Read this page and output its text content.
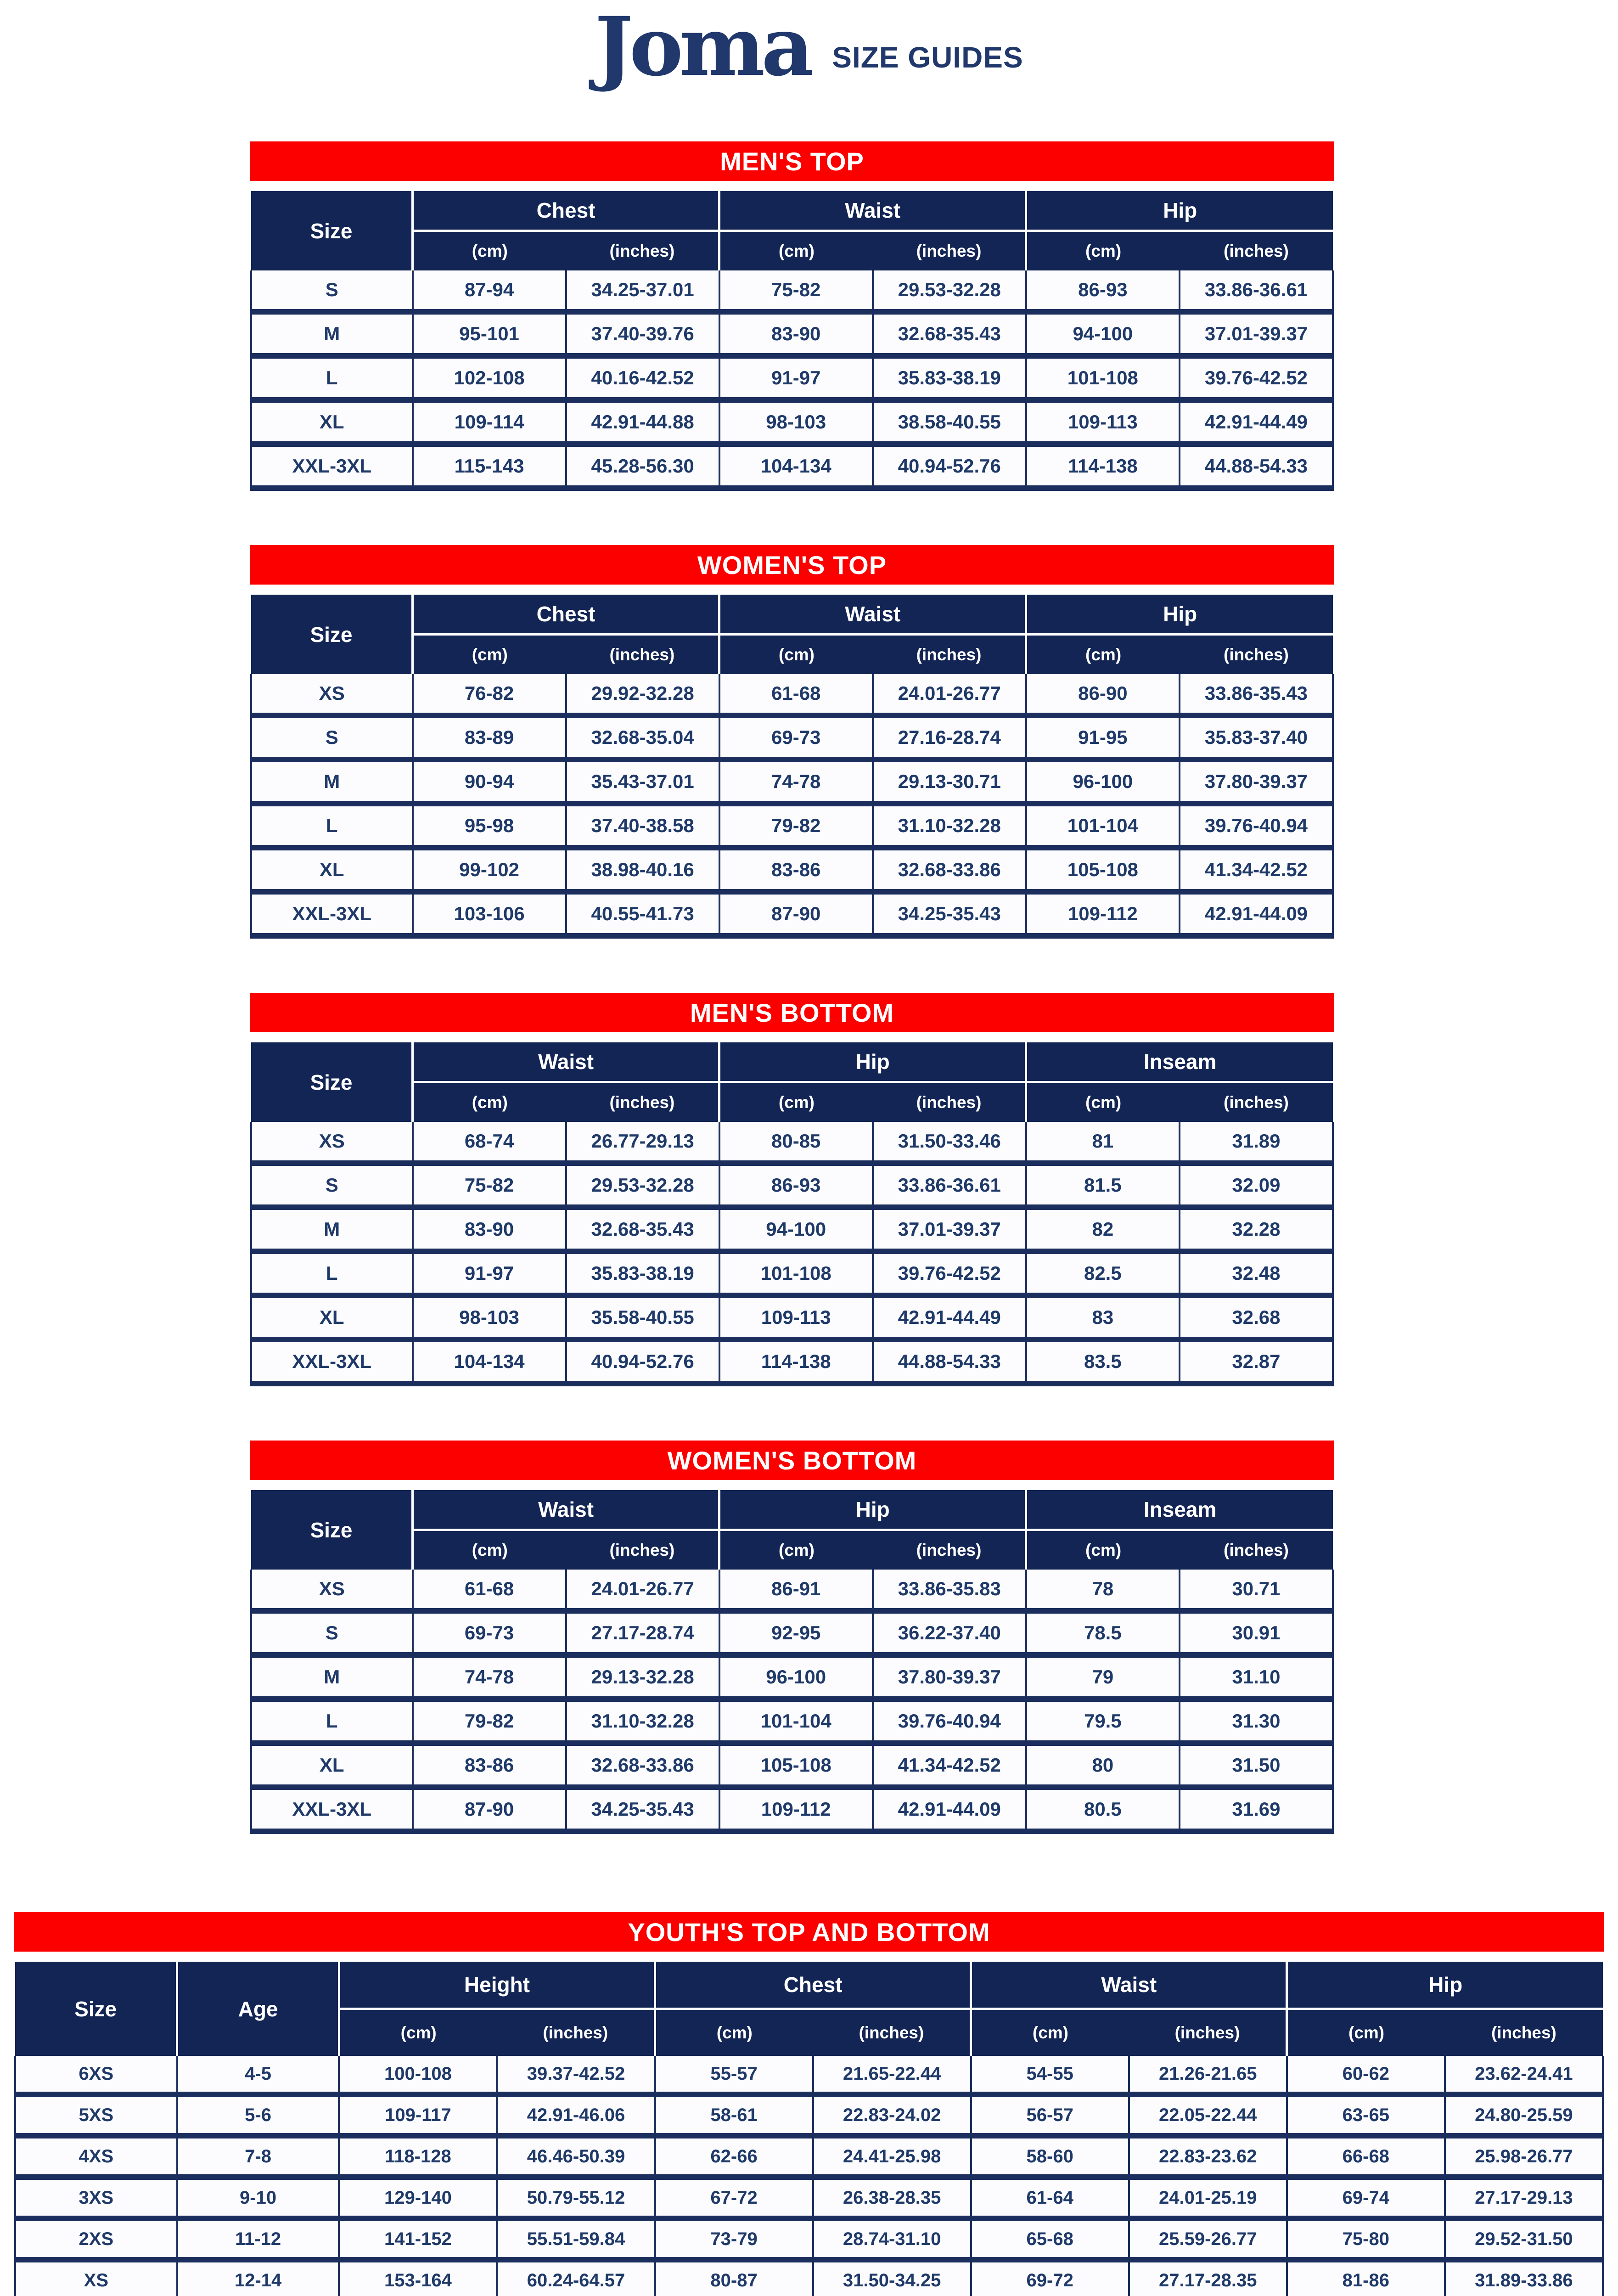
Joma SIZE GUIDES
MEN'S TOP
Size	Chest		Waist		Hip	
	(cm)	(inches)	(cm)	(inches)	(cm)	(inches)
S	87-94	34.25-37.01	75-82	29.53-32.28	86-93	33.86-36.61
M	95-101	37.40-39.76	83-90	32.68-35.43	94-100	37.01-39.37
L	102-108	40.16-42.52	91-97	35.83-38.19	101-108	39.76-42.52
XL	109-114	42.91-44.88	98-103	38.58-40.55	109-113	42.91-44.49
XXL-3XL	115-143	45.28-56.30	104-134	40.94-52.76	114-138	44.88-54.33
WOMEN'S TOP
Size	Chest		Waist		Hip	
	(cm)	(inches)	(cm)	(inches)	(cm)	(inches)
XS	76-82	29.92-32.28	61-68	24.01-26.77	86-90	33.86-35.43
S	83-89	32.68-35.04	69-73	27.16-28.74	91-95	35.83-37.40
M	90-94	35.43-37.01	74-78	29.13-30.71	96-100	37.80-39.37
L	95-98	37.40-38.58	79-82	31.10-32.28	101-104	39.76-40.94
XL	99-102	38.98-40.16	83-86	32.68-33.86	105-108	41.34-42.52
XXL-3XL	103-106	40.55-41.73	87-90	34.25-35.43	109-112	42.91-44.09
MEN'S BOTTOM
Size	Waist		Hip		Inseam	
	(cm)	(inches)	(cm)	(inches)	(cm)	(inches)
XS	68-74	26.77-29.13	80-85	31.50-33.46	81	31.89
S	75-82	29.53-32.28	86-93	33.86-36.61	81.5	32.09
M	83-90	32.68-35.43	94-100	37.01-39.37	82	32.28
L	91-97	35.83-38.19	101-108	39.76-42.52	82.5	32.48
XL	98-103	35.58-40.55	109-113	42.91-44.49	83	32.68
XXL-3XL	104-134	40.94-52.76	114-138	44.88-54.33	83.5	32.87
WOMEN'S BOTTOM
Size	Waist		Hip		Inseam	
	(cm)	(inches)	(cm)	(inches)	(cm)	(inches)
XS	61-68	24.01-26.77	86-91	33.86-35.83	78	30.71
S	69-73	27.17-28.74	92-95	36.22-37.40	78.5	30.91
M	74-78	29.13-32.28	96-100	37.80-39.37	79	31.10
L	79-82	31.10-32.28	101-104	39.76-40.94	79.5	31.30
XL	83-86	32.68-33.86	105-108	41.34-42.52	80	31.50
XXL-3XL	87-90	34.25-35.43	109-112	42.91-44.09	80.5	31.69
YOUTH'S TOP AND BOTTOM
Size	Age	Height		Chest		Waist		Hip	
		(cm)	(inches)	(cm)	(inches)	(cm)	(inches)	(cm)	(inches)
6XS	4-5	100-108	39.37-42.52	55-57	21.65-22.44	54-55	21.26-21.65	60-62	23.62-24.41
5XS	5-6	109-117	42.91-46.06	58-61	22.83-24.02	56-57	22.05-22.44	63-65	24.80-25.59
4XS	7-8	118-128	46.46-50.39	62-66	24.41-25.98	58-60	22.83-23.62	66-68	25.98-26.77
3XS	9-10	129-140	50.79-55.12	67-72	26.38-28.35	61-64	24.01-25.19	69-74	27.17-29.13
2XS	11-12	141-152	55.51-59.84	73-79	28.74-31.10	65-68	25.59-26.77	75-80	29.52-31.50
XS	12-14	153-164	60.24-64.57	80-87	31.50-34.25	69-72	27.17-28.35	81-86	31.89-33.86
